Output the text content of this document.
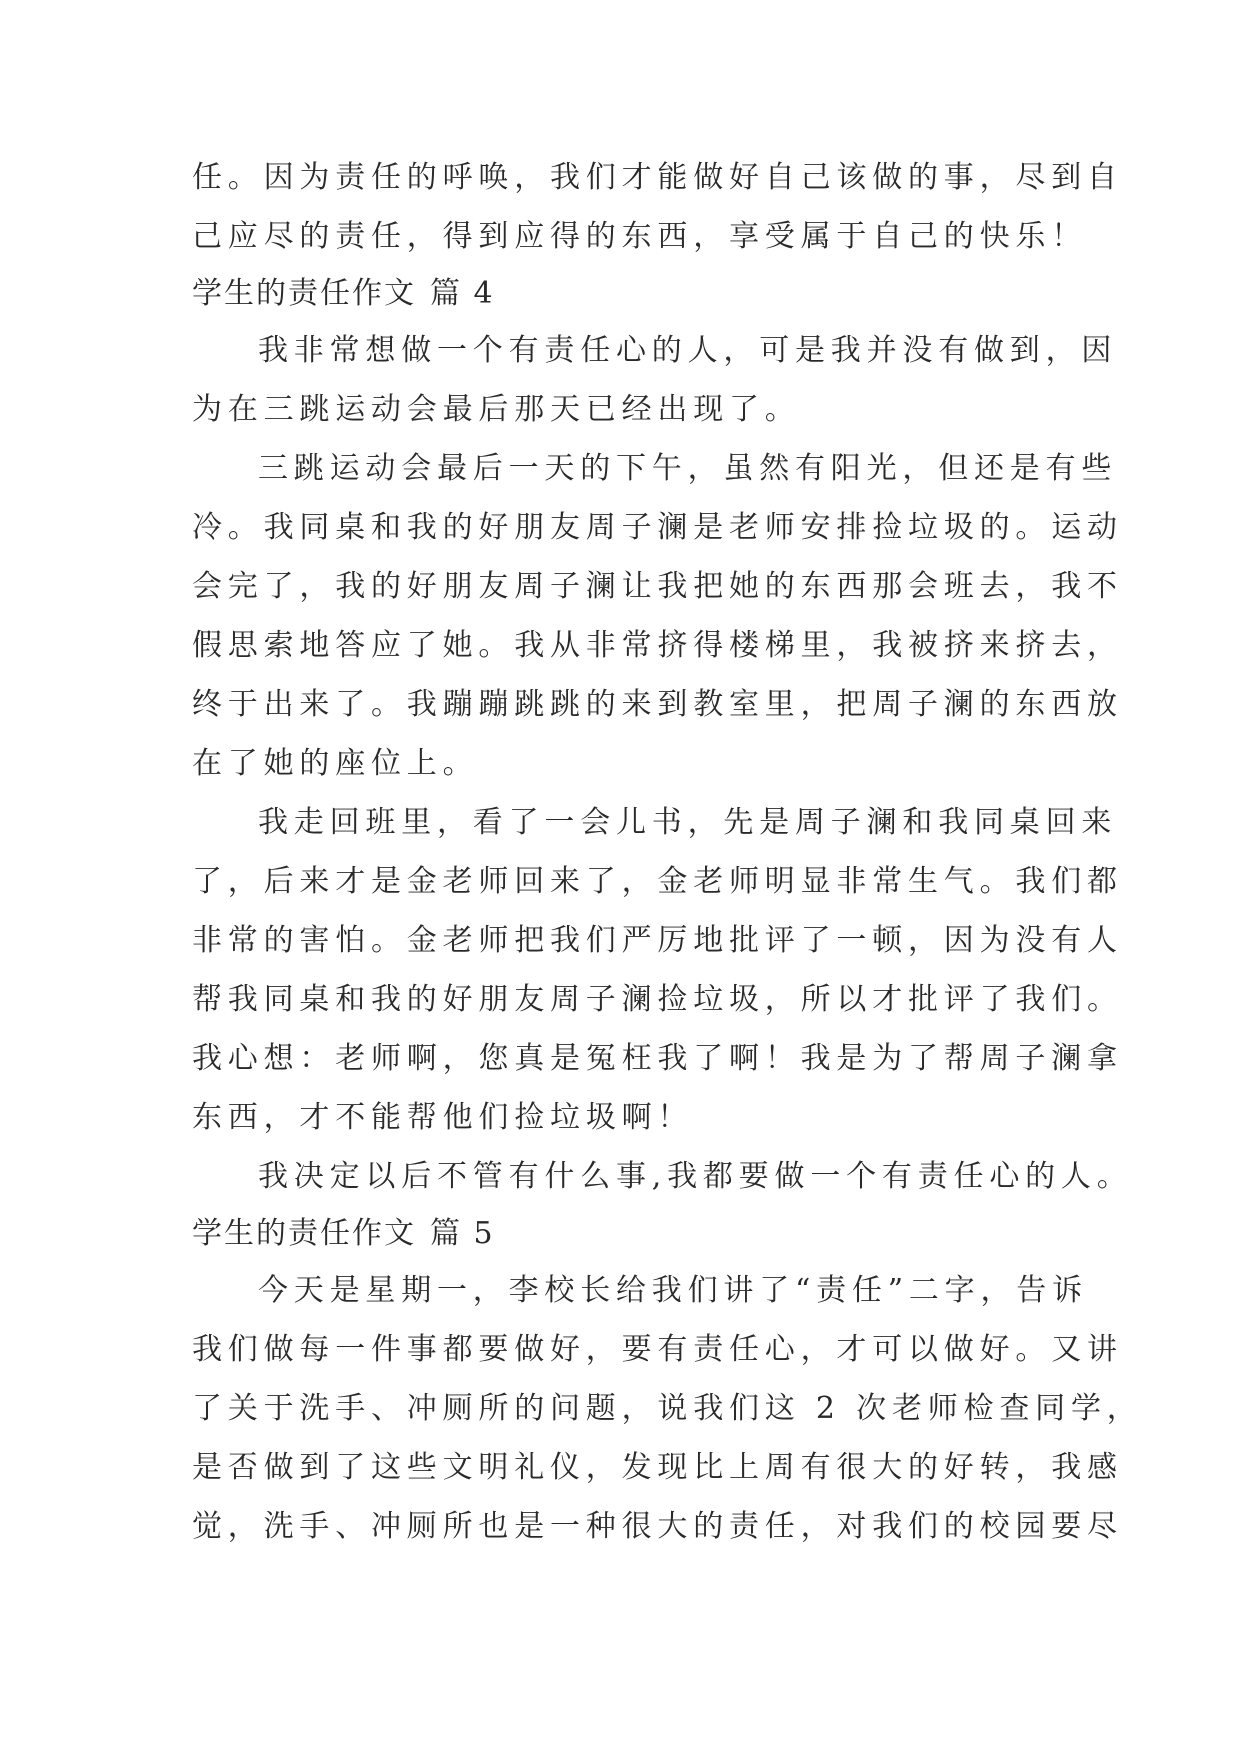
任。因为责任的呼唤，我们才能做好自己该做的事，尽到自
己应尽的责任，得到应得的东西，享受属于自己的快乐！
学生的责任作文 篇 4
我非常想做一个有责任心的人，可是我并没有做到，因
为在三跳运动会最后那天已经出现了。
三跳运动会最后一天的下午，虽然有阳光，但还是有些
冷。我同桌和我的好朋友周子澜是老师安排捡垃圾的。运动
会完了，我的好朋友周子澜让我把她的东西那会班去，我不
假思索地答应了她。我从非常挤得楼梯里，我被挤来挤去，
终于出来了。我蹦蹦跳跳的来到教室里，把周子澜的东西放
在了她的座位上。
我走回班里，看了一会儿书，先是周子澜和我同桌回来
了，后来才是金老师回来了，金老师明显非常生气。我们都
非常的害怕。金老师把我们严厉地批评了一顿，因为没有人
帮我同桌和我的好朋友周子澜捡垃圾，所以才批评了我们。
我心想：老师啊，您真是冤枉我了啊！我是为了帮周子澜拿
东西，才不能帮他们捡垃圾啊！
我决定以后不管有什么事,我都要做一个有责任心的人。
学生的责任作文 篇 5
今天是星期一，李校长给我们讲了“责任”二字，告诉
我们做每一件事都要做好，要有责任心，才可以做好。又讲
了关于洗手、冲厕所的问题，说我们这 2 次老师检查同学，
是否做到了这些文明礼仪，发现比上周有很大的好转，我感
觉，洗手、冲厕所也是一种很大的责任，对我们的校园要尽
